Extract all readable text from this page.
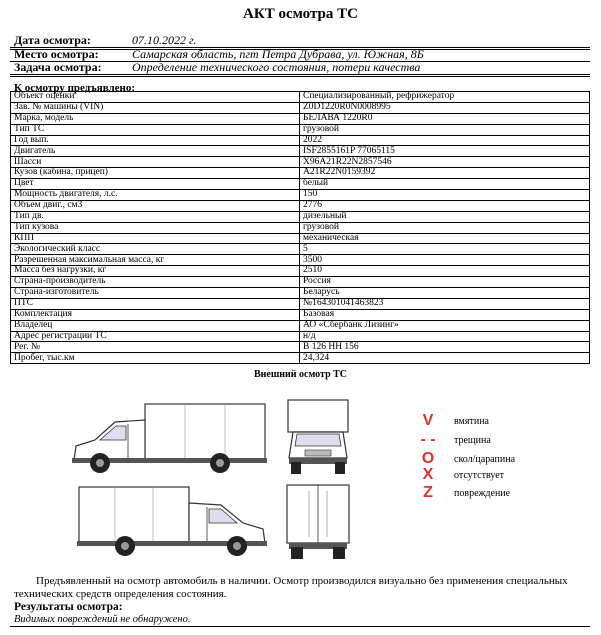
АКТ осмотра ТС
Дата осмотра:	07.10.2022 г.
Место осмотра:	Самарская область, пгт Петра Дубрава, ул. Южная, 8Б
Задача осмотра:	Определение технического состояния, потери качества
К осмотру предъявлено:
Объект оценки	Специализированный, рефрижератор
Зав. № машины (VIN)	Z0D1220R0N0008995
Марка, модель	БЕЛАВА 1220R0
Тип ТС	грузовой
Год вып.	2022
Двигатель	ISF2855161P 77065115
Шасси	X96A21R22N2857546
Кузов (кабина, прицеп)	A21R22N0159392
Цвет	белый
Мощность двигателя, л.с.	150
Объем двиг., см3	2776
Тип дв.	дизельный
Тип кузова	грузовой
КПП	механическая
Экологический класс	5
Разрешенная максимальная масса, кг	3500
Масса без нагрузки, кг	2510
Страна-производитель	Россия
Страна-изготовитель	Беларусь
ПТС	№164301041463823
Комплектация	Базовая
Владелец	АО «Сбербанк Лизинг»
Адрес регистрации ТС	н/д
Рег. №	В 126 НН 156
Пробег, тыс.км	24,324
Внешний осмотр ТС
V	вмятина
- - трещина
O	скол/царапина
X	отсутствует
Z	повреждение
Предъявленный на осмотр автомобиль в наличии. Осмотр производился визуально без применения специальных технических средств определения состояния.
Результаты осмотра:
Видимых повреждений не обнаружено.
